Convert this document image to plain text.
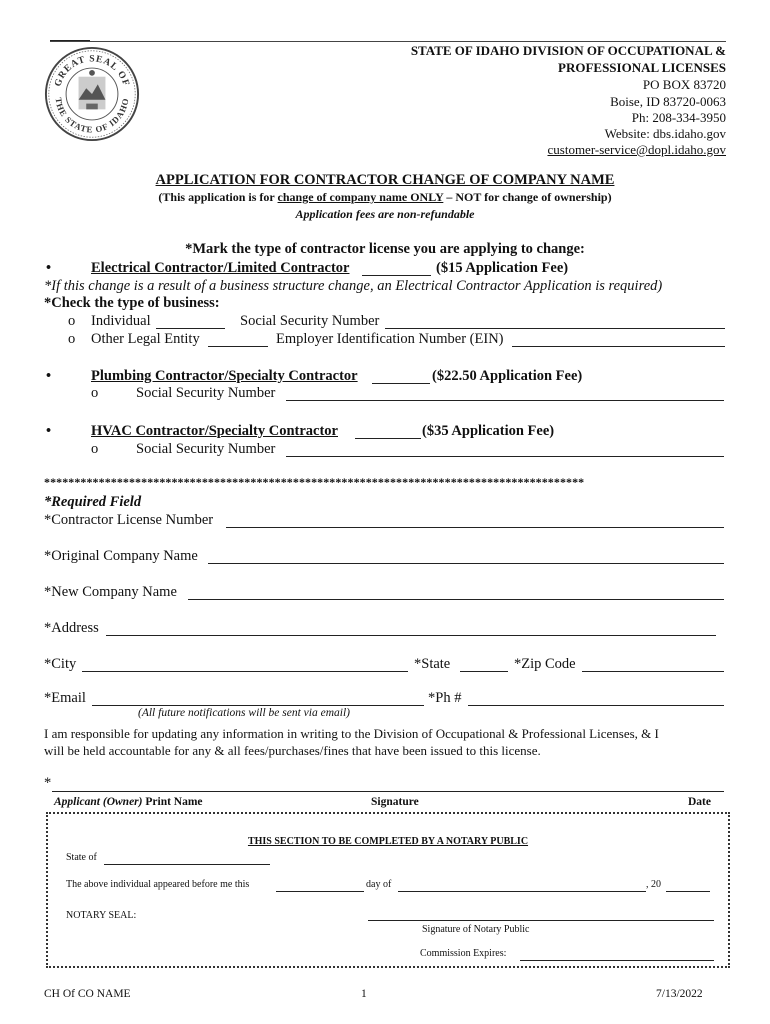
GREAT SEAL OF
THE STATE OF IDAHO
STATE OF IDAHO DIVISION OF OCCUPATIONAL &
PROFESSIONAL LICENSES
PO BOX 83720
Boise, ID 83720-0063
Ph: 208-334-3950
Website: dbs.idaho.gov
customer-service@dopl.idaho.gov
APPLICATION FOR CONTRACTOR CHANGE OF COMPANY NAME
(This application is for change of company name ONLY – NOT for change of ownership)
Application fees are non-refundable
*Mark the type of contractor license you are applying to change:
•	Electrical Contractor/Limited Contractor	($15 Application Fee)
*If this change is a result of a business structure change, an Electrical Contractor Application is required)
*Check the type of business:
o Individual	Social Security Number
o Other Legal Entity	Employer Identification Number (EIN)
•	Plumbing Contractor/Specialty Contractor	($22.50 Application Fee)
o	Social Security Number
•	HVAC Contractor/Specialty Contractor	($35 Application Fee)
o	Social Security Number
*****************************************************************************************
*Required Field
*Contractor License Number
*Original Company Name
*New Company Name
*Address
*City	*State	*Zip Code
*Email	*Ph #
(All future notifications will be sent via email)
I am responsible for updating any information in writing to the Division of Occupational & Professional Licenses, & I
will be held accountable for any & all fees/purchases/fines that have been issued to this license.
*
Applicant (Owner) Print Name	Signature	Date
THIS SECTION TO BE COMPLETED BY A NOTARY PUBLIC
State of
The above individual appeared before me this	day of	, 20
NOTARY SEAL:
Signature of Notary Public
Commission Expires:
CH Of CO NAME	1	7/13/2022
